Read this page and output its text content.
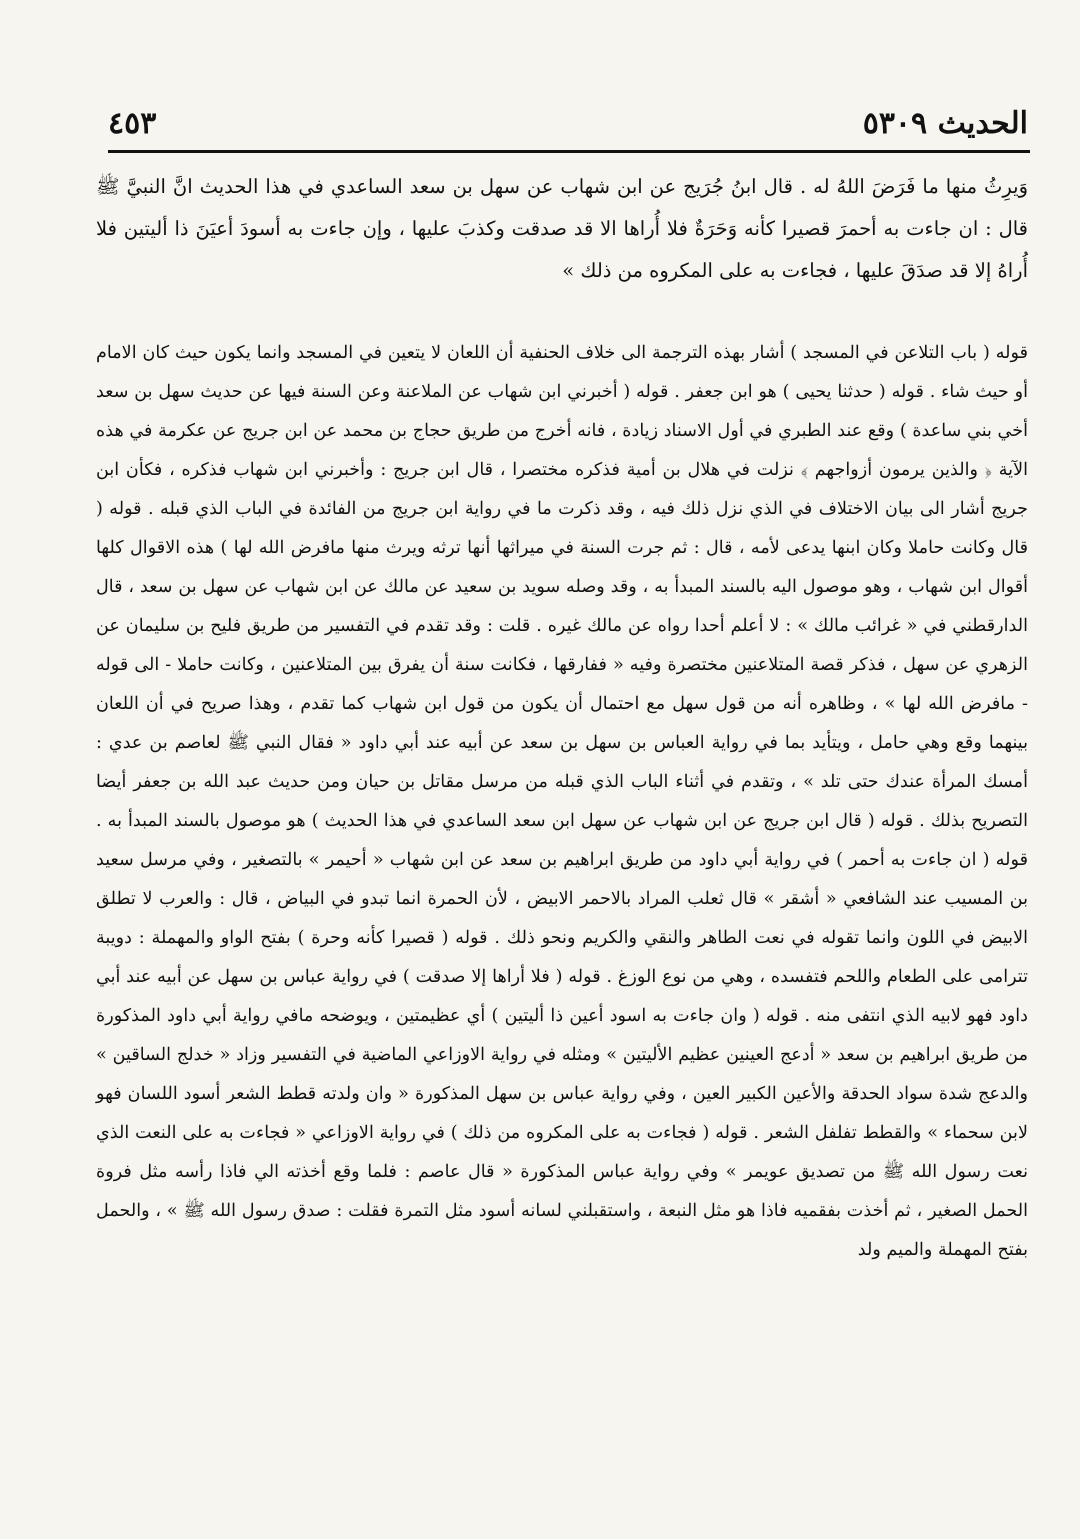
الحديث ٥٣٠٩
٤٥٣

وَيرِثُ منها ما فَرَضَ اللهُ له . قال ابنُ جُرَيج عن ابن شهاب عن سهل بن سعد الساعدي في هذا الحديث انَّ النبيَّ ﷺ قال : ان جاءت به أحمرَ قصيرا كأنه وَحَرَةٌ فلا أُراها الا قد صدقت وكذبَ عليها ، وإن جاءت به أسودَ أعيَنَ ذا أليتين فلا أُراهُ إلا قد صدَقَ عليها ، فجاءت به على المكروه من ذلك »

قوله ( باب التلاعن في المسجد ) أشار بهذه الترجمة الى خلاف الحنفية أن اللعان لا يتعين في المسجد وانما يكون حيث كان الامام أو حيث شاء . قوله ( حدثنا يحيى ) هو ابن جعفر . قوله ( أخبرني ابن شهاب عن الملاعنة وعن السنة فيها عن حديث سهل بن سعد أخي بني ساعدة ) وقع عند الطبري في أول الاسناد زيادة ، فانه أخرج من طريق حجاج بن محمد عن ابن جريج عن عكرمة في هذه الآية ﴿ والذين يرمون أزواجهم ﴾ نزلت في هلال بن أمية فذكره مختصرا ، قال ابن جريج : وأخبرني ابن شهاب فذكره ، فكأن ابن جريج أشار الى بيان الاختلاف في الذي نزل ذلك فيه ، وقد ذكرت ما في رواية ابن جريج من الفائدة في الباب الذي قبله . قوله ( قال وكانت حاملا وكان ابنها يدعى لأمه ، قال : ثم جرت السنة في ميراثها أنها ترثه ويرث منها مافرض الله لها ) هذه الاقوال كلها أقوال ابن شهاب ، وهو موصول اليه بالسند المبدأ به ، وقد وصله سويد بن سعيد عن مالك عن ابن شهاب عن سهل بن سعد ، قال الدارقطني في « غرائب مالك » : لا أعلم أحدا رواه عن مالك غيره . قلت : وقد تقدم في التفسير من طريق فليح بن سليمان عن الزهري عن سهل ، فذكر قصة المتلاعنين مختصرة وفيه « ففارقها ، فكانت سنة أن يفرق بين المتلاعنين ، وكانت حاملا - الى قوله - مافرض الله لها » ، وظاهره أنه من قول سهل مع احتمال أن يكون من قول ابن شهاب كما تقدم ، وهذا صريح في أن اللعان بينهما وقع وهي حامل ، ويتأيد بما في رواية العباس بن سهل بن سعد عن أبيه عند أبي داود « فقال النبي ﷺ لعاصم بن عدي : أمسك المرأة عندك حتى تلد » ، وتقدم في أثناء الباب الذي قبله من مرسل مقاتل بن حيان ومن حديث عبد الله بن جعفر أيضا التصريح بذلك . قوله ( قال ابن جريج عن ابن شهاب عن سهل ابن سعد الساعدي في هذا الحديث ) هو موصول بالسند المبدأ به . قوله ( ان جاءت به أحمر ) في رواية أبي داود من طريق ابراهيم بن سعد عن ابن شهاب « أحيمر » بالتصغير ، وفي مرسل سعيد بن المسيب عند الشافعي « أشقر » قال ثعلب المراد بالاحمر الابيض ، لأن الحمرة انما تبدو في البياض ، قال : والعرب لا تطلق الابيض في اللون وانما تقوله في نعت الطاهر والنقي والكريم ونحو ذلك . قوله ( قصيرا كأنه وحرة ) بفتح الواو والمهملة : دويبة تترامى على الطعام واللحم فتفسده ، وهي من نوع الوزغ . قوله ( فلا أراها إلا صدقت ) في رواية عباس بن سهل عن أبيه عند أبي داود فهو لابيه الذي انتفى منه . قوله ( وان جاءت به اسود أعين ذا أليتين ) أي عظيمتين ، ويوضحه مافي رواية أبي داود المذكورة من طريق ابراهيم بن سعد « أدعج العينين عظيم الأليتين » ومثله في رواية الاوزاعي الماضية في التفسير وزاد « خدلج الساقين » والدعج شدة سواد الحدقة والأعين الكبير العين ، وفي رواية عباس بن سهل المذكورة « وان ولدته قطط الشعر أسود اللسان فهو لابن سحماء » والقطط تفلفل الشعر . قوله ( فجاءت به على المكروه من ذلك ) في رواية الاوزاعي « فجاءت به على النعت الذي نعت رسول الله ﷺ من تصديق عويمر » وفي رواية عباس المذكورة « قال عاصم : فلما وقع أخذته الي فاذا رأسه مثل فروة الحمل الصغير ، ثم أخذت بفقميه فاذا هو مثل النبعة ، واستقبلني لسانه أسود مثل التمرة فقلت : صدق رسول الله ﷺ » ، والحمل بفتح المهملة والميم ولد
